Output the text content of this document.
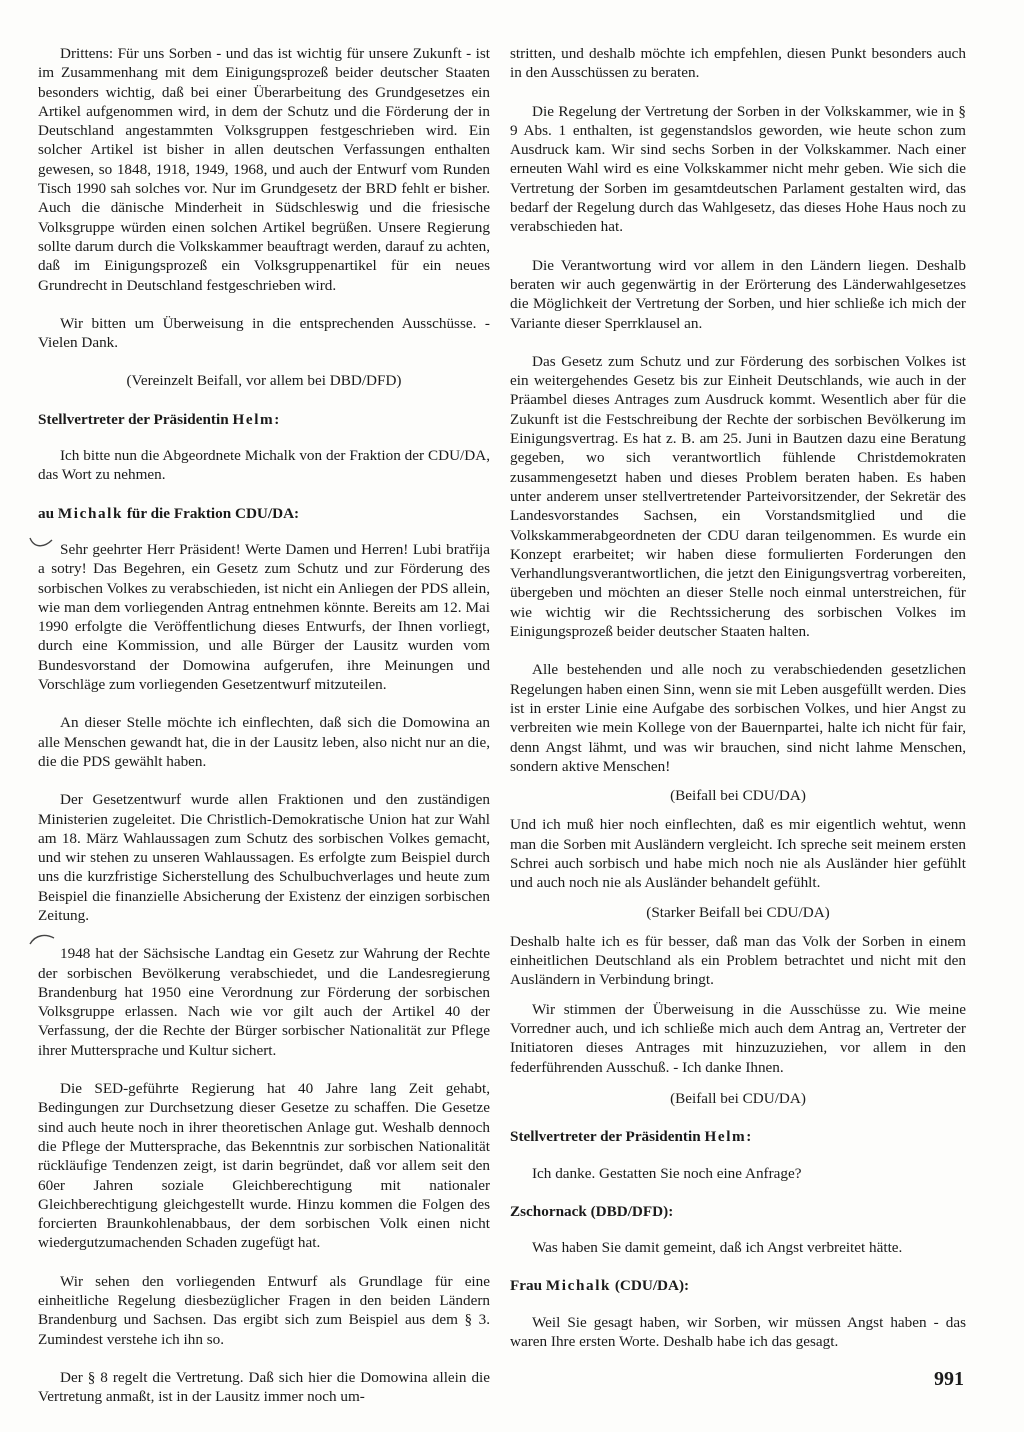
Drittens: Für uns Sorben - und das ist wichtig für unsere Zukunft - ist im Zusammenhang mit dem Einigungsprozeß beider deutscher Staaten besonders wichtig, daß bei einer Überarbeitung des Grundgesetzes ein Artikel aufgenommen wird, in dem der Schutz und die Förderung der in Deutschland angestammten Volksgruppen festgeschrieben wird. Ein solcher Artikel ist bisher in allen deutschen Verfassungen enthalten gewesen, so 1848, 1918, 1949, 1968, und auch der Entwurf vom Runden Tisch 1990 sah solches vor. Nur im Grundgesetz der BRD fehlt er bisher. Auch die dänische Minderheit in Südschleswig und die friesische Volksgruppe würden einen solchen Artikel begrüßen. Unsere Regierung sollte darum durch die Volkskammer beauftragt werden, darauf zu achten, daß im Einigungsprozeß ein Volksgruppenartikel für ein neues Grundrecht in Deutschland festgeschrieben wird.

Wir bitten um Überweisung in die entsprechenden Ausschüsse. - Vielen Dank.

(Vereinzelt Beifall, vor allem bei DBD/DFD)

Stellvertreter der Präsidentin Helm:

Ich bitte nun die Abgeordnete Michalk von der Fraktion der CDU/DA, das Wort zu nehmen.

au Michalk für die Fraktion CDU/DA:

Sehr geehrter Herr Präsident! Werte Damen und Herren! Lubi bratřija a sotry! Das Begehren, ein Gesetz zum Schutz und zur Förderung des sorbischen Volkes zu verabschieden, ist nicht ein Anliegen der PDS allein, wie man dem vorliegenden Antrag entnehmen könnte. Bereits am 12. Mai 1990 erfolgte die Veröffentlichung dieses Entwurfs, der Ihnen vorliegt, durch eine Kommission, und alle Bürger der Lausitz wurden vom Bundesvorstand der Domowina aufgerufen, ihre Meinungen und Vorschläge zum vorliegenden Gesetzentwurf mitzuteilen.

An dieser Stelle möchte ich einflechten, daß sich die Domowina an alle Menschen gewandt hat, die in der Lausitz leben, also nicht nur an die, die die PDS gewählt haben.

Der Gesetzentwurf wurde allen Fraktionen und den zuständigen Ministerien zugeleitet. Die Christlich-Demokratische Union hat zur Wahl am 18. März Wahlaussagen zum Schutz des sorbischen Volkes gemacht, und wir stehen zu unseren Wahlaussagen. Es erfolgte zum Beispiel durch uns die kurzfristige Sicherstellung des Schulbuchverlages und heute zum Beispiel die finanzielle Absicherung der Existenz der einzigen sorbischen Zeitung.

1948 hat der Sächsische Landtag ein Gesetz zur Wahrung der Rechte der sorbischen Bevölkerung verabschiedet, und die Landesregierung Brandenburg hat 1950 eine Verordnung zur Förderung der sorbischen Volksgruppe erlassen. Nach wie vor gilt auch der Artikel 40 der Verfassung, der die Rechte der Bürger sorbischer Nationalität zur Pflege ihrer Muttersprache und Kultur sichert.

Die SED-geführte Regierung hat 40 Jahre lang Zeit gehabt, Bedingungen zur Durchsetzung dieser Gesetze zu schaffen. Die Gesetze sind auch heute noch in ihrer theoretischen Anlage gut. Weshalb dennoch die Pflege der Muttersprache, das Bekenntnis zur sorbischen Nationalität rückläufige Tendenzen zeigt, ist darin begründet, daß vor allem seit den 60er Jahren soziale Gleichberechtigung mit nationaler Gleichberechtigung gleichgestellt wurde. Hinzu kommen die Folgen des forcierten Braunkohlenabbaus, der dem sorbischen Volk einen nicht wiedergutzumachenden Schaden zugefügt hat.

Wir sehen den vorliegenden Entwurf als Grundlage für eine einheitliche Regelung diesbezüglicher Fragen in den beiden Ländern Brandenburg und Sachsen. Das ergibt sich zum Beispiel aus dem § 3. Zumindest verstehe ich ihn so.

Der § 8 regelt die Vertretung. Daß sich hier die Domowina allein die Vertretung anmaßt, ist in der Lausitz immer noch um-

stritten, und deshalb möchte ich empfehlen, diesen Punkt besonders auch in den Ausschüssen zu beraten.

Die Regelung der Vertretung der Sorben in der Volkskammer, wie in § 9 Abs. 1 enthalten, ist gegenstandslos geworden, wie heute schon zum Ausdruck kam. Wir sind sechs Sorben in der Volkskammer. Nach einer erneuten Wahl wird es eine Volkskammer nicht mehr geben. Wie sich die Vertretung der Sorben im gesamtdeutschen Parlament gestalten wird, das bedarf der Regelung durch das Wahlgesetz, das dieses Hohe Haus noch zu verabschieden hat.

Die Verantwortung wird vor allem in den Ländern liegen. Deshalb beraten wir auch gegenwärtig in der Erörterung des Länderwahlgesetzes die Möglichkeit der Vertretung der Sorben, und hier schließe ich mich der Variante dieser Sperrklausel an.

Das Gesetz zum Schutz und zur Förderung des sorbischen Volkes ist ein weitergehendes Gesetz bis zur Einheit Deutschlands, wie auch in der Präambel dieses Antrages zum Ausdruck kommt. Wesentlich aber für die Zukunft ist die Festschreibung der Rechte der sorbischen Bevölkerung im Einigungsvertrag. Es hat z. B. am 25. Juni in Bautzen dazu eine Beratung gegeben, wo sich verantwortlich fühlende Christdemokraten zusammengesetzt haben und dieses Problem beraten haben. Es haben unter anderem unser stellvertretender Parteivorsitzender, der Sekretär des Landesvorstandes Sachsen, ein Vorstandsmitglied und die Volkskammerabgeordneten der CDU daran teilgenommen. Es wurde ein Konzept erarbeitet; wir haben diese formulierten Forderungen den Verhandlungsverantwortlichen, die jetzt den Einigungsvertrag vorbereiten, übergeben und möchten an dieser Stelle noch einmal unterstreichen, für wie wichtig wir die Rechtssicherung des sorbischen Volkes im Einigungsprozeß beider deutscher Staaten halten.

Alle bestehenden und alle noch zu verabschiedenden gesetzlichen Regelungen haben einen Sinn, wenn sie mit Leben ausgefüllt werden. Dies ist in erster Linie eine Aufgabe des sorbischen Volkes, und hier Angst zu verbreiten wie mein Kollege von der Bauernpartei, halte ich nicht für fair, denn Angst lähmt, und was wir brauchen, sind nicht lahme Menschen, sondern aktive Menschen!

(Beifall bei CDU/DA)

Und ich muß hier noch einflechten, daß es mir eigentlich wehtut, wenn man die Sorben mit Ausländern vergleicht. Ich spreche seit meinem ersten Schrei auch sorbisch und habe mich noch nie als Ausländer hier gefühlt und auch noch nie als Ausländer behandelt gefühlt.

(Starker Beifall bei CDU/DA)

Deshalb halte ich es für besser, daß man das Volk der Sorben in einem einheitlichen Deutschland als ein Problem betrachtet und nicht mit den Ausländern in Verbindung bringt.

Wir stimmen der Überweisung in die Ausschüsse zu. Wie meine Vorredner auch, und ich schließe mich auch dem Antrag an, Vertreter der Initiatoren dieses Antrages mit hinzuzuziehen, vor allem in den federführenden Ausschuß. - Ich danke Ihnen.

(Beifall bei CDU/DA)

Stellvertreter der Präsidentin Helm:

Ich danke. Gestatten Sie noch eine Anfrage?

Zschornack (DBD/DFD):

Was haben Sie damit gemeint, daß ich Angst verbreitet hätte.

Frau Michalk (CDU/DA):

Weil Sie gesagt haben, wir Sorben, wir müssen Angst haben - das waren Ihre ersten Worte. Deshalb habe ich das gesagt.

991
